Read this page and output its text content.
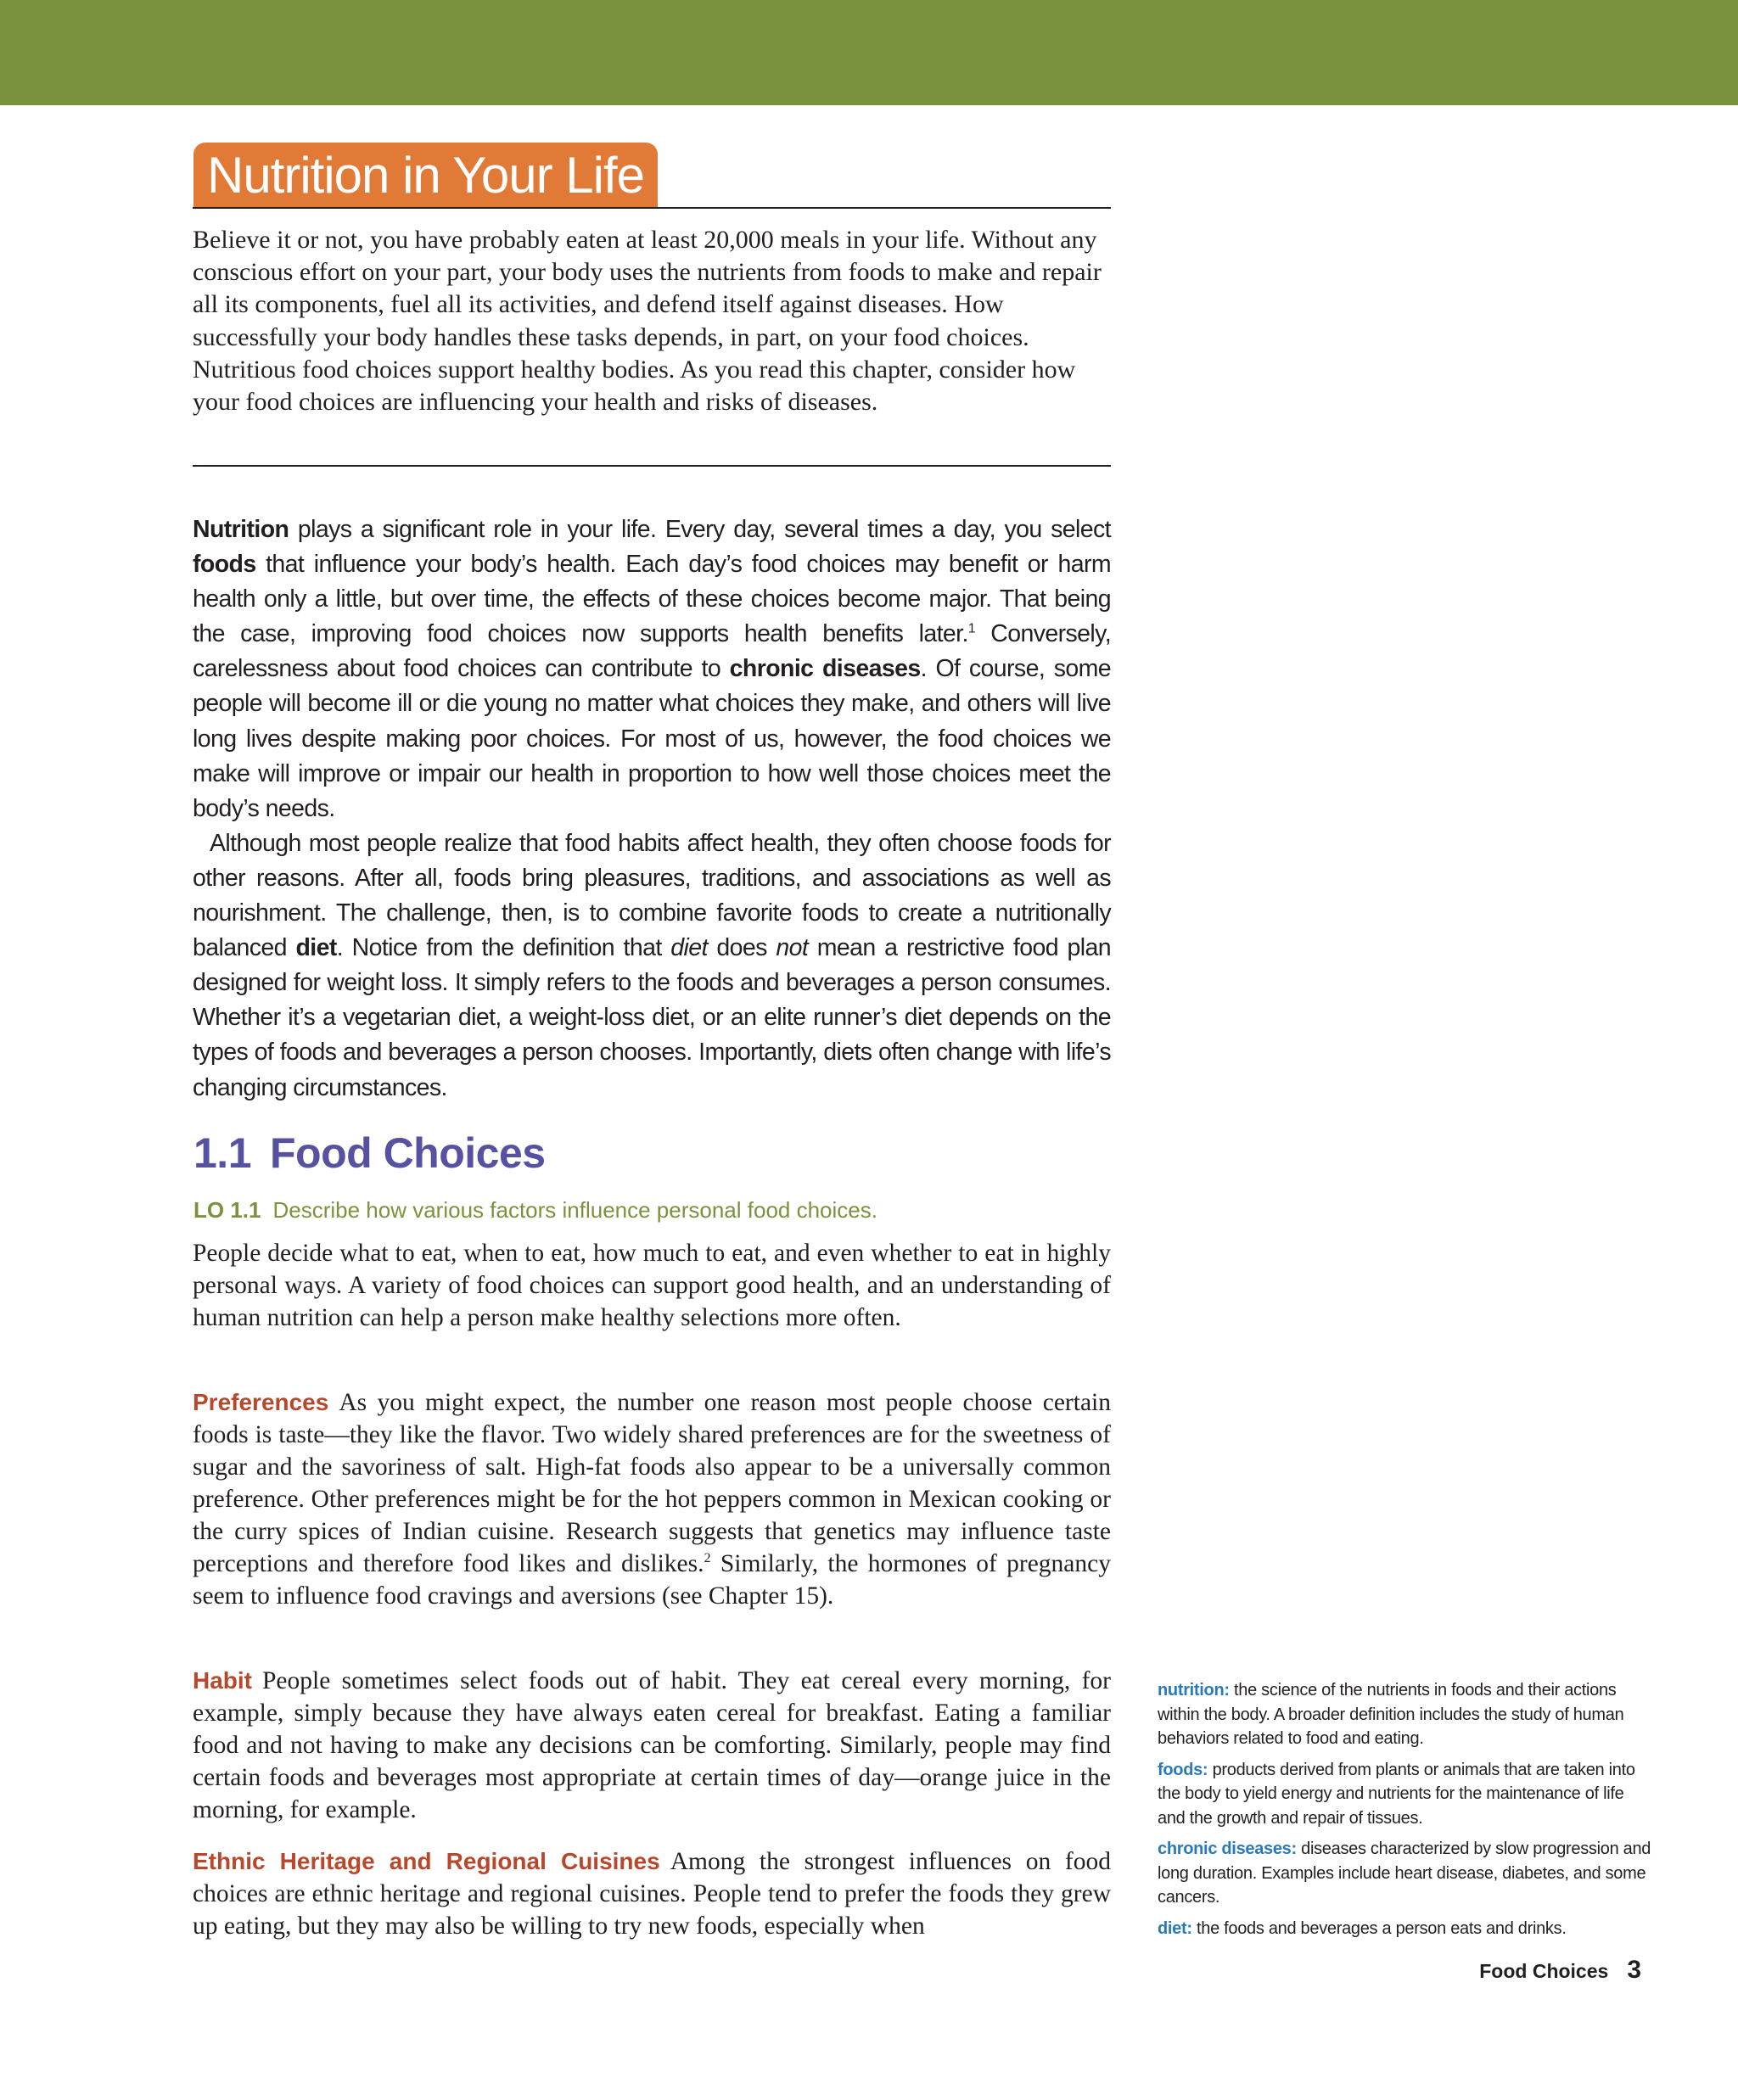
Nutrition in Your Life

Believe it or not, you have probably eaten at least 20,000 meals in your life. Without any conscious effort on your part, your body uses the nutrients from foods to make and repair all its components, fuel all its activities, and defend itself against diseases. How successfully your body handles these tasks depends, in part, on your food choices. Nutritious food choices support healthy bodies. As you read this chapter, consider how your food choices are influencing your health and risks of diseases.

Nutrition plays a significant role in your life. Every day, several times a day, you select foods that influence your body’s health. Each day’s food choices may benefit or harm health only a little, but over time, the effects of these choices become major. That being the case, improving food choices now supports health benefits later.$^1$ Conversely, carelessness about food choices can contribute to chronic diseases. Of course, some people will become ill or die young no matter what choices they make, and others will live long lives despite making poor choices. For most of us, however, the food choices we make will improve or impair our health in proportion to how well those choices meet the body’s needs.

Although most people realize that food habits affect health, they often choose foods for other reasons. After all, foods bring pleasures, traditions, and associations as well as nourishment. The challenge, then, is to combine favorite foods to create a nutritionally balanced diet. Notice from the definition that diet does not mean a restrictive food plan designed for weight loss. It simply refers to the foods and beverages a person consumes. Whether it’s a vegetarian diet, a weight-loss diet, or an elite runner’s diet depends on the types of foods and beverages a person chooses. Importantly, diets often change with life’s changing circumstances.

1.1 Food Choices
LO 1.1 Describe how various factors influence personal food choices.

People decide what to eat, when to eat, how much to eat, and even whether to eat in highly personal ways. A variety of food choices can support good health, and an understanding of human nutrition can help a person make healthy selections more often.

Preferences As you might expect, the number one reason most people choose certain foods is taste—they like the flavor. Two widely shared preferences are for the sweetness of sugar and the savoriness of salt. High-fat foods also appear to be a universally common preference. Other preferences might be for the hot peppers common in Mexican cooking or the curry spices of Indian cuisine. Research suggests that genetics may influence taste perceptions and therefore food likes and dislikes.$^2$ Similarly, the hormones of pregnancy seem to influence food cravings and aversions (see Chapter 15).

Habit People sometimes select foods out of habit. They eat cereal every morning, for example, simply because they have always eaten cereal for breakfast. Eating a familiar food and not having to make any decisions can be comforting. Similarly, people may find certain foods and beverages most appropriate at certain times of day—orange juice in the morning, for example.

Ethnic Heritage and Regional Cuisines Among the strongest influences on food choices are ethnic heritage and regional cuisines. People tend to prefer the foods they grew up eating, but they may also be willing to try new foods, especially when

nutrition: the science of the nutrients in foods and their actions within the body. A broader definition includes the study of human behaviors related to food and eating.

foods: products derived from plants or animals that are taken into the body to yield energy and nutrients for the maintenance of life and the growth and repair of tissues.

chronic diseases: diseases characterized by slow progression and long duration. Examples include heart disease, diabetes, and some cancers.

diet: the foods and beverages a person eats and drinks.

Food Choices 3
